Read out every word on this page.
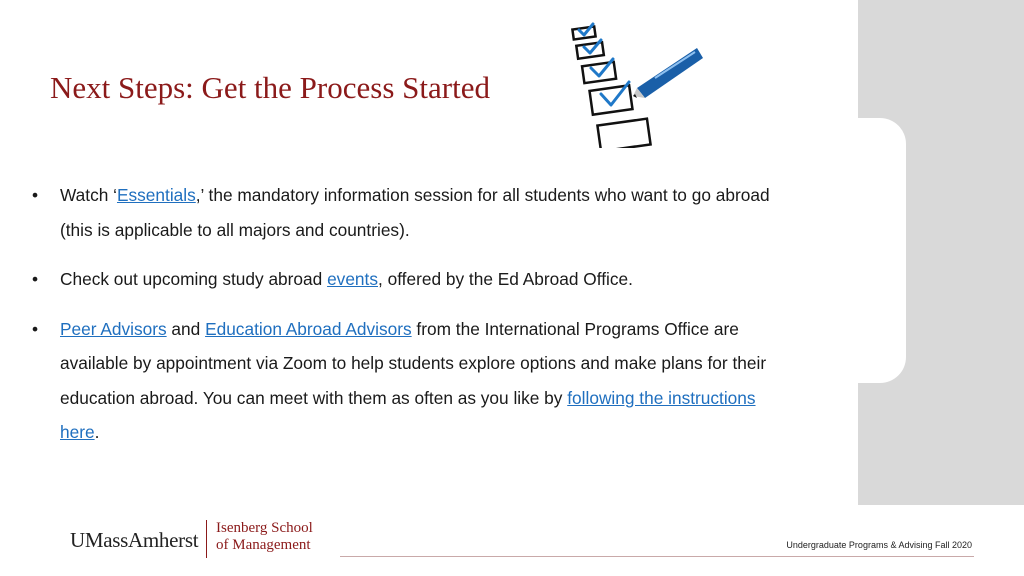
Next Steps: Get the Process Started
• Watch ‘Essentials,’ the mandatory information session for all students who want to go abroad (this is applicable to all majors and countries).
• Check out upcoming study abroad events, offered by the Ed Abroad Office.
• Peer Advisors and Education Abroad Advisors from the International Programs Office are available by appointment via Zoom to help students explore options and make plans for their education abroad. You can meet with them as often as you like by following the instructions here.
UMassAmherst Isenberg School
of Management	Undergraduate Programs & Advising Fall 2020
